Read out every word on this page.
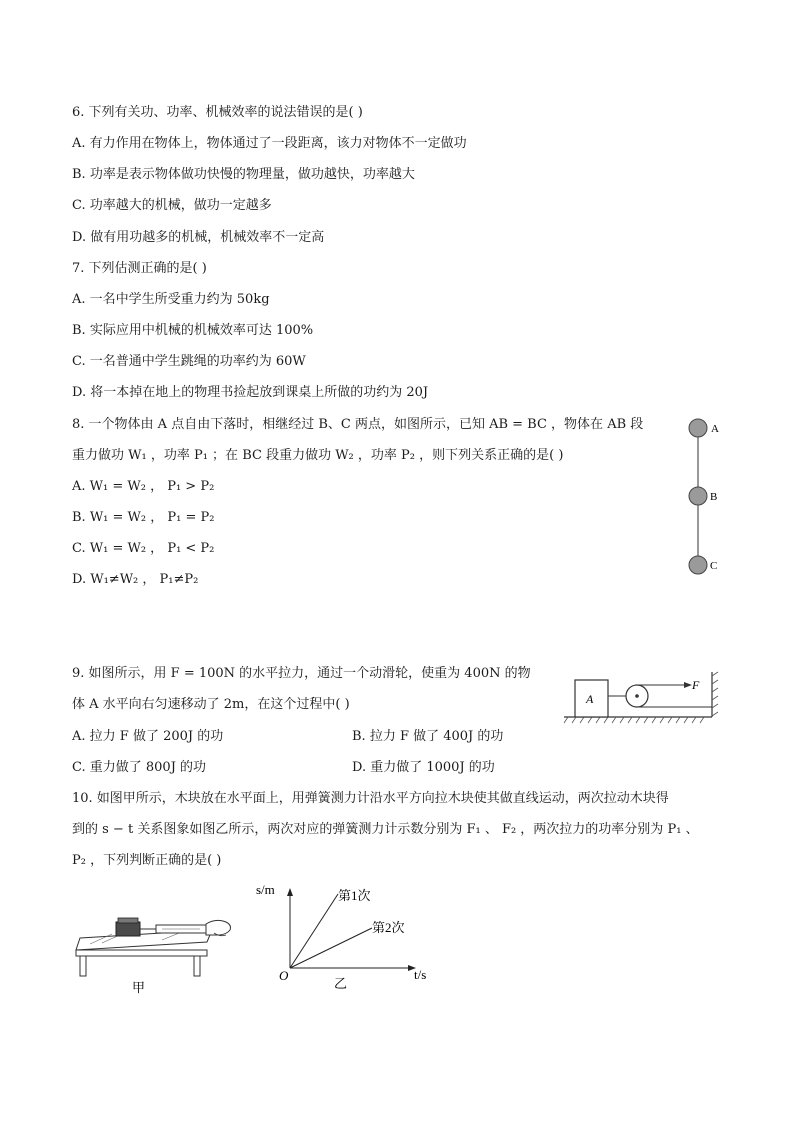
6. 下列有关功、功率、机械效率的说法错误的是( )
A. 有力作用在物体上，物体通过了一段距离，该力对物体不一定做功
B. 功率是表示物体做功快慢的物理量，做功越快，功率越大
C. 功率越大的机械，做功一定越多
D. 做有用功越多的机械，机械效率不一定高
7. 下列估测正确的是( )
A. 一名中学生所受重力约为 50kg
B. 实际应用中机械的机械效率可达 100%
C. 一名普通中学生跳绳的功率约为 60W
D. 将一本掉在地上的物理书捡起放到课桌上所做的功约为 20J
8. 一个物体由 A 点自由下落时，相继经过 B、C 两点，如图所示，已知 AB = BC ，物体在 AB 段
重力做功 W₁ ，功率 P₁ ；在 BC 段重力做功 W₂ ，功率 P₂ ，则下列关系正确的是( )
A. W₁ = W₂ ， P₁ > P₂
B. W₁ = W₂ ， P₁ = P₂
C. W₁ = W₂ ， P₁ < P₂
D. W₁≠W₂ ， P₁≠P₂
A
B
C
9. 如图所示，用 F = 100N 的水平拉力，通过一个动滑轮，使重为 400N 的物
体 A 水平向右匀速移动了 2m，在这个过程中( )
A. 拉力 F 做了 200J 的功	B. 拉力 F 做了 400J 的功
C. 重力做了 800J 的功	D. 重力做了 1000J 的功
A
F
10. 如图甲所示，木块放在水平面上，用弹簧测力计沿水平方向拉木块使其做直线运动，两次拉动木块得
到的 s − t 关系图象如图乙所示，两次对应的弹簧测力计示数分别为 F₁ 、 F₂ ，两次拉力的功率分别为 P₁ 、
P₂ ，下列判断正确的是( )
甲
s/m
t/s
O
第1次
第2次
乙
